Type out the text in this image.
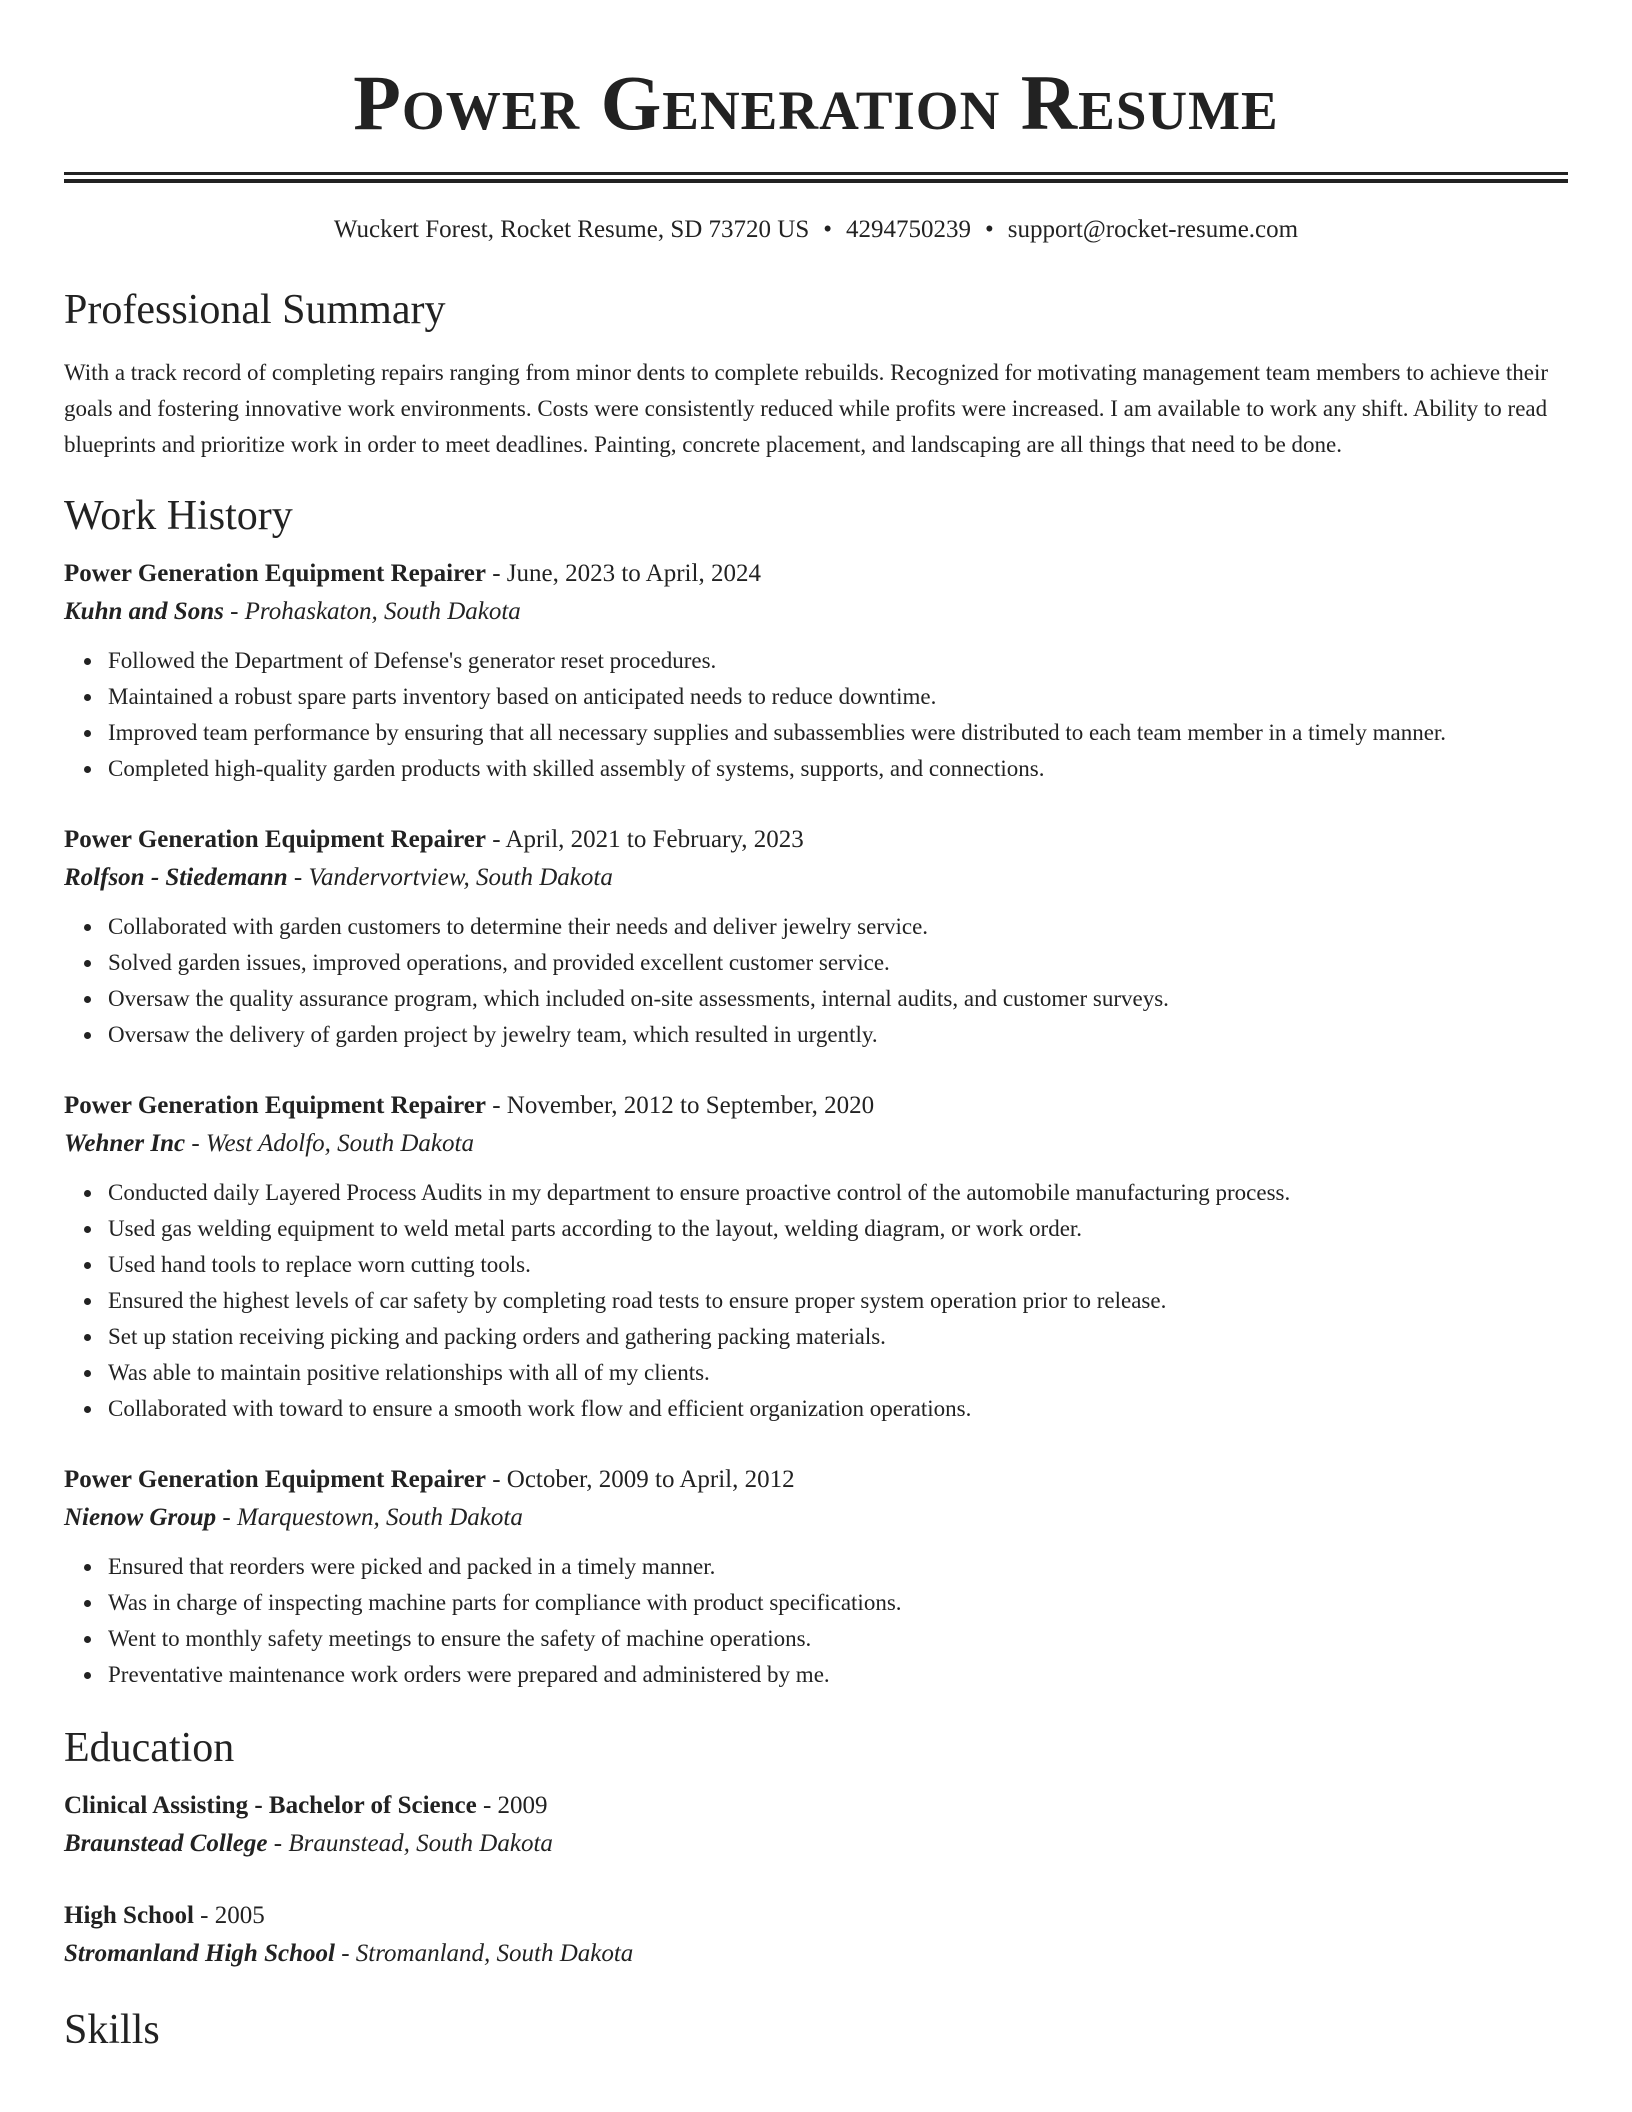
Power Generation Resume
Wuckert Forest, Rocket Resume, SD 73720 US • 4294750239 • support@rocket-resume.com
Professional Summary
With a track record of completing repairs ranging from minor dents to complete rebuilds. Recognized for motivating management team members to achieve their goals and fostering innovative work environments. Costs were consistently reduced while profits were increased. I am available to work any shift. Ability to read blueprints and prioritize work in order to meet deadlines. Painting, concrete placement, and landscaping are all things that need to be done.
Work History
Power Generation Equipment Repairer - June, 2023 to April, 2024
Kuhn and Sons - Prohaskaton, South Dakota
Followed the Department of Defense's generator reset procedures.
Maintained a robust spare parts inventory based on anticipated needs to reduce downtime.
Improved team performance by ensuring that all necessary supplies and subassemblies were distributed to each team member in a timely manner.
Completed high-quality garden products with skilled assembly of systems, supports, and connections.
Power Generation Equipment Repairer - April, 2021 to February, 2023
Rolfson - Stiedemann - Vandervortview, South Dakota
Collaborated with garden customers to determine their needs and deliver jewelry service.
Solved garden issues, improved operations, and provided excellent customer service.
Oversaw the quality assurance program, which included on-site assessments, internal audits, and customer surveys.
Oversaw the delivery of garden project by jewelry team, which resulted in urgently.
Power Generation Equipment Repairer - November, 2012 to September, 2020
Wehner Inc - West Adolfo, South Dakota
Conducted daily Layered Process Audits in my department to ensure proactive control of the automobile manufacturing process.
Used gas welding equipment to weld metal parts according to the layout, welding diagram, or work order.
Used hand tools to replace worn cutting tools.
Ensured the highest levels of car safety by completing road tests to ensure proper system operation prior to release.
Set up station receiving picking and packing orders and gathering packing materials.
Was able to maintain positive relationships with all of my clients.
Collaborated with toward to ensure a smooth work flow and efficient organization operations.
Power Generation Equipment Repairer - October, 2009 to April, 2012
Nienow Group - Marquestown, South Dakota
Ensured that reorders were picked and packed in a timely manner.
Was in charge of inspecting machine parts for compliance with product specifications.
Went to monthly safety meetings to ensure the safety of machine operations.
Preventative maintenance work orders were prepared and administered by me.
Education
Clinical Assisting - Bachelor of Science - 2009
Braunstead College - Braunstead, South Dakota
High School - 2005
Stromanland High School - Stromanland, South Dakota
Skills
